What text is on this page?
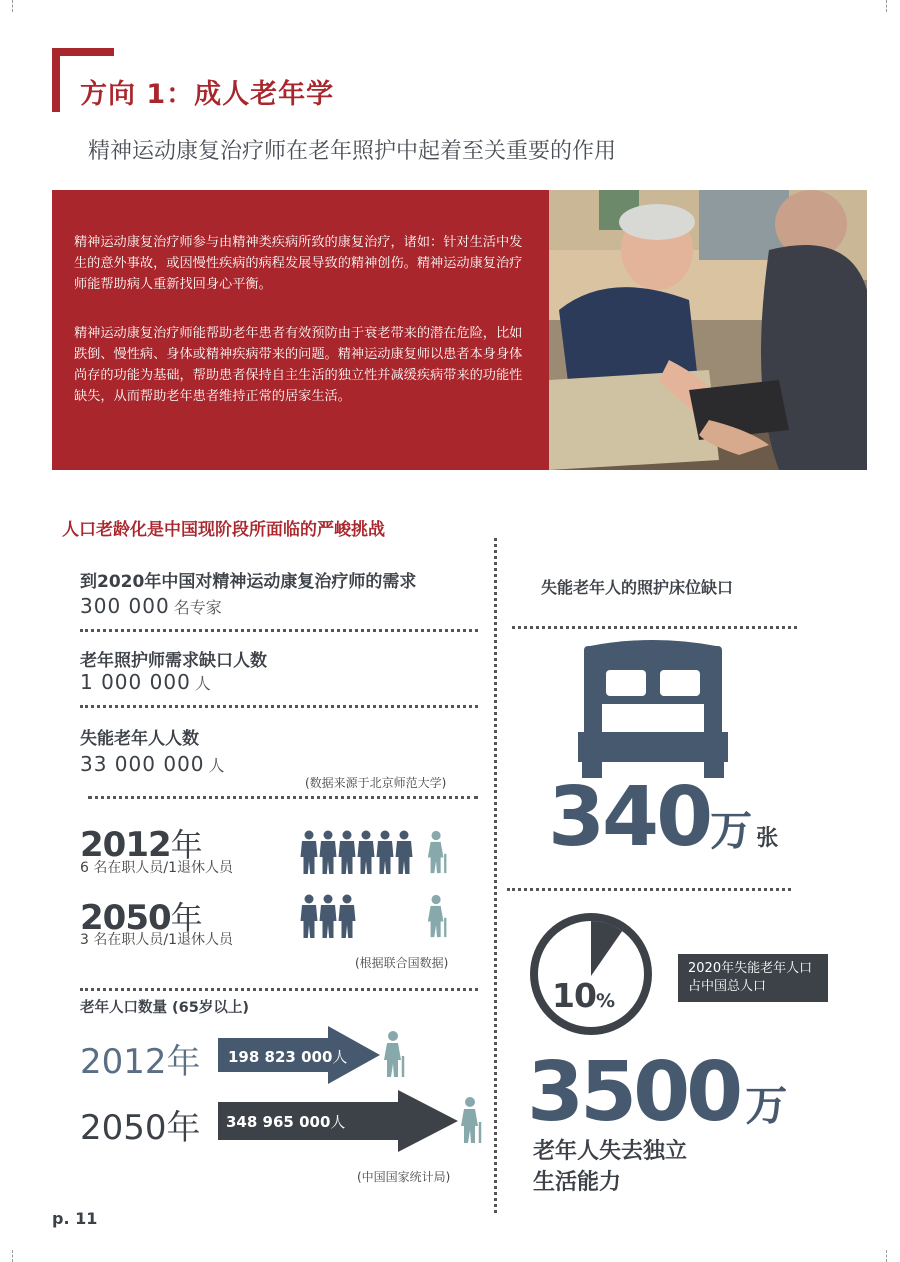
方向 1：成人老年学
精神运动康复治疗师在老年照护中起着至关重要的作用

精神运动康复治疗师参与由精神类疾病所致的康复治疗，诸如：针对生活中发生的意外事故，或因慢性疾病的病程发展导致的精神创伤。精神运动康复治疗师能帮助病人重新找回身心平衡。

精神运动康复治疗师能帮助老年患者有效预防由于衰老带来的潜在危险，比如跌倒、慢性病、身体或精神疾病带来的问题。精神运动康复师以患者本身身体尚存的功能为基础，帮助患者保持自主生活的独立性并减缓疾病带来的功能性缺失，从而帮助老年患者维持正常的居家生活。

人口老龄化是中国现阶段所面临的严峻挑战
到2020年中国对精神运动康复治疗师的需求
300 000 名专家
老年照护师需求缺口人数
1 000 000 人
失能老年人人数
33 000 000 人
(数据来源于北京师范大学)
2012年
6 名在职人员/1退休人员
2050年
3 名在职人员/1退休人员
(根据联合国数据)
老年人口数量 (65岁以上)
2012年 198 823 000人
2050年 348 965 000人
(中国国家统计局)
失能老年人的照护床位缺口
340万 张
10%
2020年失能老年人口占中国总人口
3500 万
老年人失去独立
生活能力
p. 11
